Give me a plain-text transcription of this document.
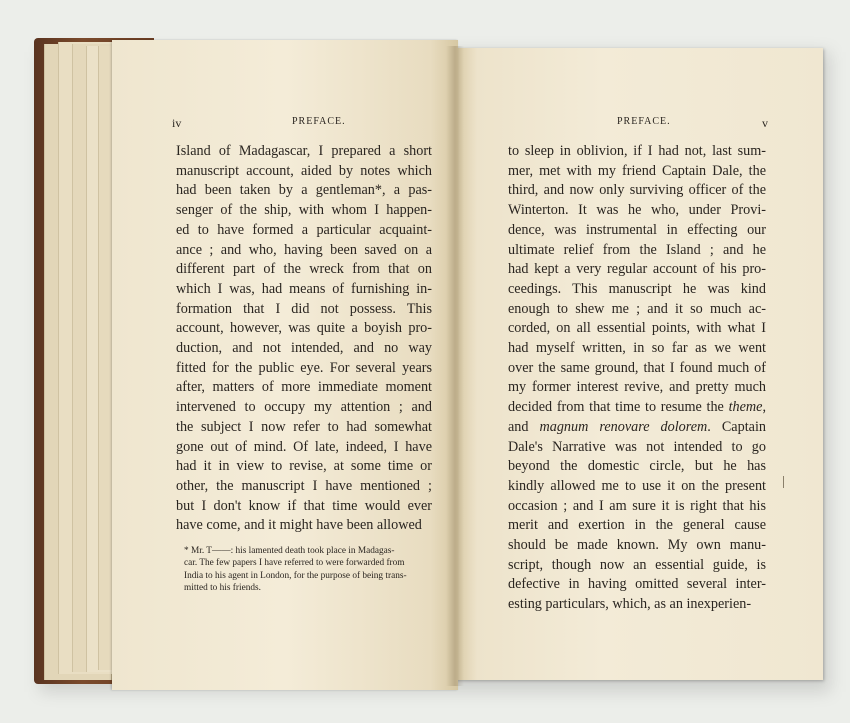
iv	PREFACE.
Island of Madagascar, I prepared a short
manuscript account, aided by notes which
had been taken by a gentleman*, a pas-
senger of the ship, with whom I happen-
ed to have formed a particular acquaint-
ance ; and who, having been saved on a
different part of the wreck from that on
which I was, had means of furnishing in-
formation that I did not possess. This
account, however, was quite a boyish pro-
duction, and not intended, and no way
fitted for the public eye. For several years
after, matters of more immediate moment
intervened to occupy my attention ; and
the subject I now refer to had somewhat
gone out of mind. Of late, indeed, I have
had it in view to revise, at some time or
other, the manuscript I have mentioned ;
but I don't know if that time would ever
have come, and it might have been allowed
* Mr. T——: his lamented death took place in Madagas-
car. The few papers I have referred to were forwarded from
India to his agent in London, for the purpose of being trans-
mitted to his friends.
PREFACE.	v
to sleep in oblivion, if I had not, last sum-
mer, met with my friend Captain Dale, the
third, and now only surviving officer of the
Winterton. It was he who, under Provi-
dence, was instrumental in effecting our
ultimate relief from the Island ; and he
had kept a very regular account of his pro-
ceedings. This manuscript he was kind
enough to shew me ; and it so much ac-
corded, on all essential points, with what I
had myself written, in so far as we went
over the same ground, that I found much of
my former interest revive, and pretty much
decided from that time to resume the theme,
and magnum renovare dolorem. Captain
Dale's Narrative was not intended to go
beyond the domestic circle, but he has
kindly allowed me to use it on the present
occasion ; and I am sure it is right that his
merit and exertion in the general cause
should be made known. My own manu-
script, though now an essential guide, is
defective in having omitted several inter-
esting particulars, which, as an inexperien-
